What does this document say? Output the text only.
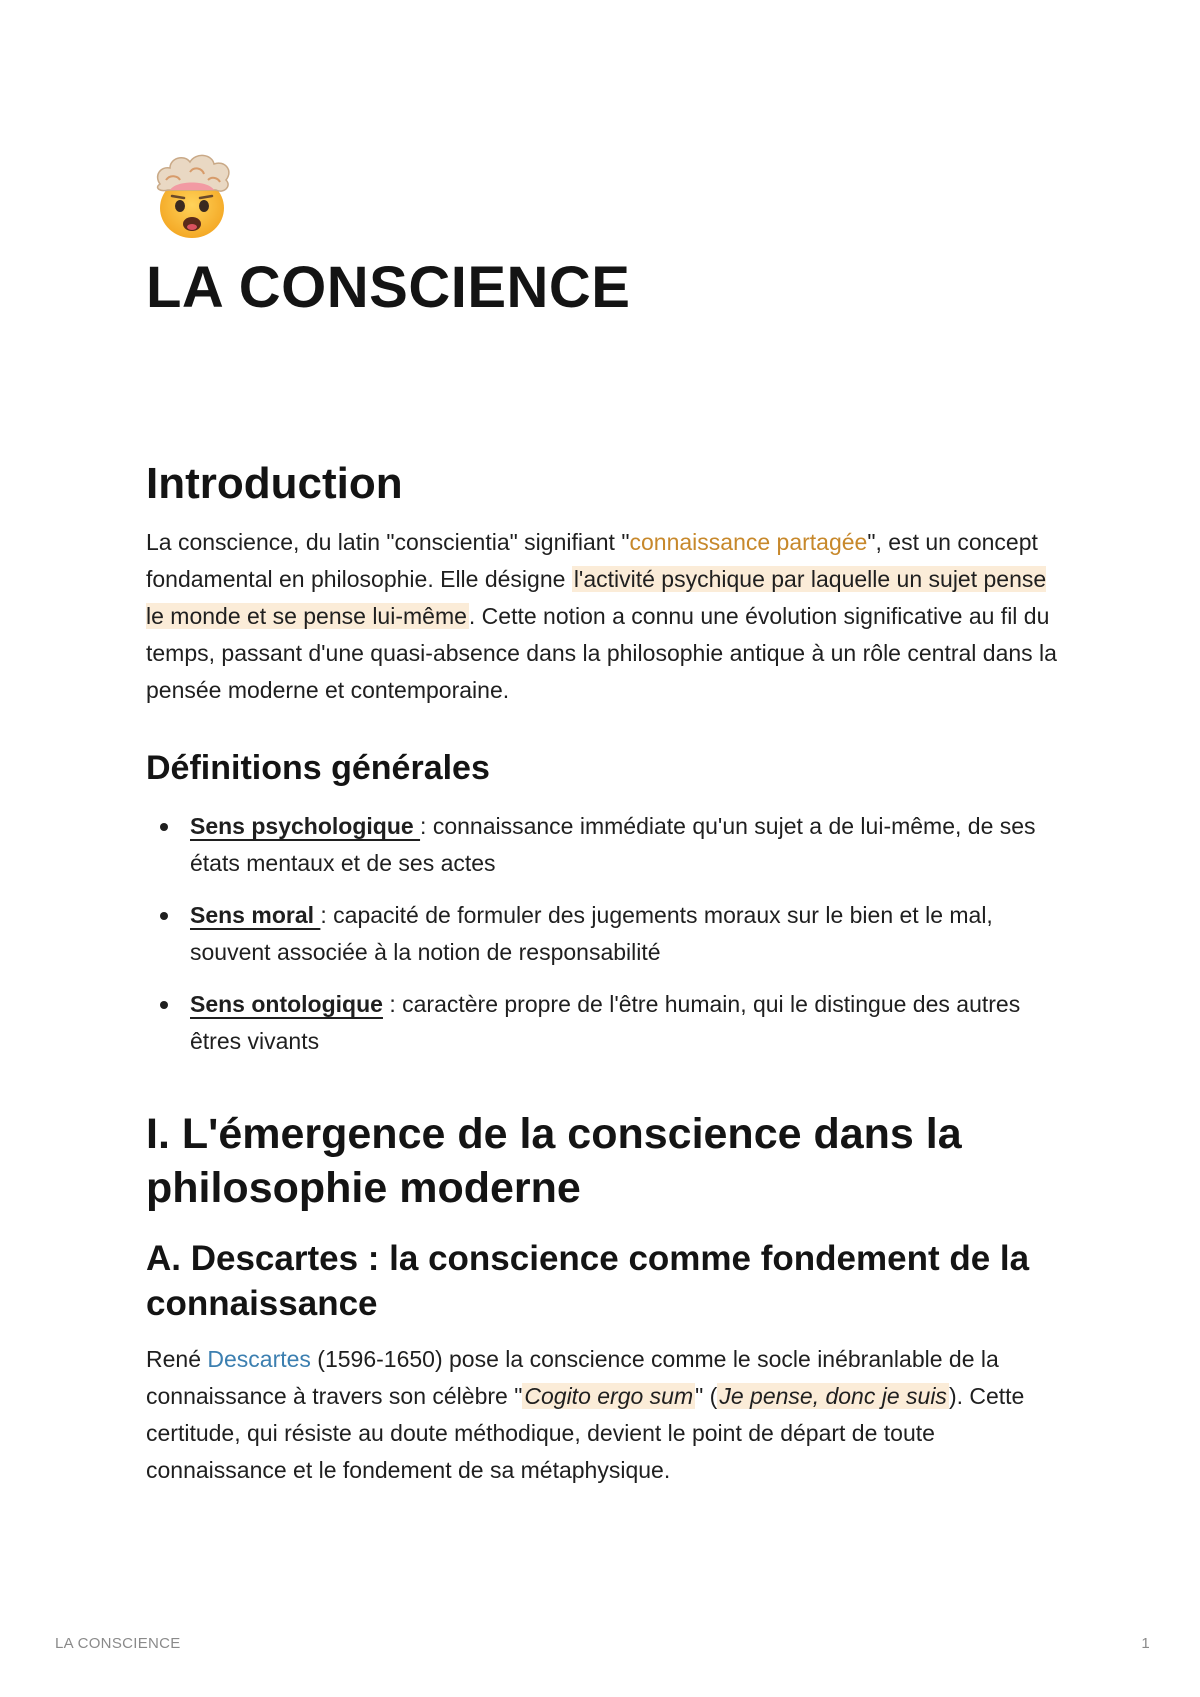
LA CONSCIENCE
Introduction

La conscience, du latin "conscientia" signifiant "connaissance partagée", est un concept fondamental en philosophie. Elle désigne l'activité psychique par laquelle un sujet pense le monde et se pense lui-même. Cette notion a connu une évolution significative au fil du temps, passant d'une quasi-absence dans la philosophie antique à un rôle central dans la pensée moderne et contemporaine.

Définitions générales
Sens psychologique : connaissance immédiate qu'un sujet a de lui-même, de ses états mentaux et de ses actes
Sens moral : capacité de formuler des jugements moraux sur le bien et le mal, souvent associée à la notion de responsabilité
Sens ontologique : caractère propre de l'être humain, qui le distingue des autres êtres vivants
I. L'émergence de la conscience dans la philosophie moderne
A. Descartes : la conscience comme fondement de la connaissance

René Descartes (1596-1650) pose la conscience comme le socle inébranlable de la connaissance à travers son célèbre "Cogito ergo sum" (Je pense, donc je suis). Cette certitude, qui résiste au doute méthodique, devient le point de départ de toute connaissance et le fondement de sa métaphysique.

LA CONSCIENCE	1
